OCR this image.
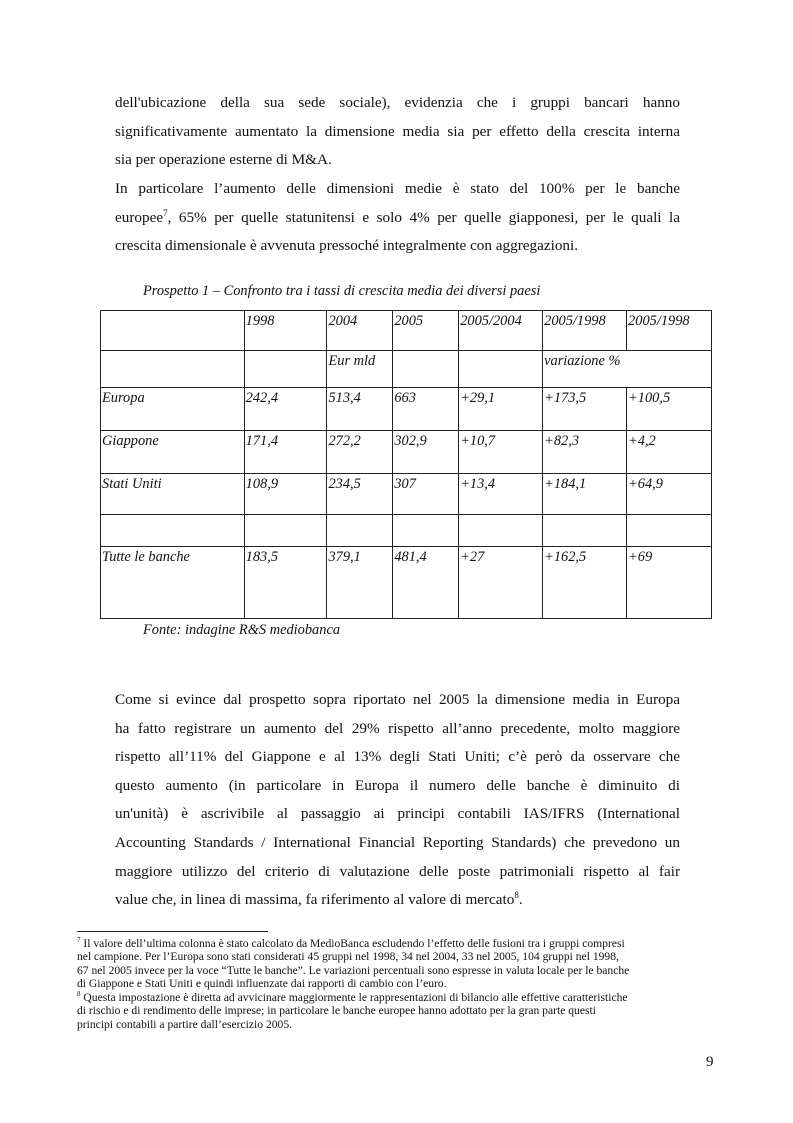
dell'ubicazione della sua sede sociale), evidenzia che i gruppi bancari hanno
significativamente aumentato la dimensione media sia per effetto della crescita interna
sia per operazione esterne di M&A.

In particolare l’aumento delle dimensioni medie è stato del 100% per le banche
europee$^7$, 65% per quelle statunitensi e solo 4% per quelle giapponesi, per le quali la
crescita dimensionale è avvenuta pressoché integralmente con aggregazioni.

Prospetto 1 – Confronto tra i tassi di crescita media dei diversi paesi

	1998	2004	2005	2005/2004	2005/1998	2005/1998
		Eur mld			variazione %	
Europa	242,4	513,4	663	+29,1	+173,5	+100,5
Giappone	171,4	272,2	302,9	+10,7	+82,3	+4,2
Stati Uniti	108,9	234,5	307	+13,4	+184,1	+64,9

Tutte le banche	183,5	379,1	481,4	+27	+162,5	+69

Fonte: indagine R&S mediobanca

Come si evince dal prospetto sopra riportato nel 2005 la dimensione media in Europa
ha fatto registrare un aumento del 29% rispetto all’anno precedente, molto maggiore
rispetto all’11% del Giappone e al 13% degli Stati Uniti; c’è però da osservare che
questo aumento (in particolare in Europa il numero delle banche è diminuito di
un'unità) è ascrivibile al passaggio ai principi contabili IAS/IFRS (International
Accounting Standards / International Financial Reporting Standards) che prevedono un
maggiore utilizzo del criterio di valutazione delle poste patrimoniali rispetto al fair
value che, in linea di massima, fa riferimento al valore di mercato$^8$.

$^7$ Il valore dell’ultima colonna è stato calcolato da MedioBanca escludendo l’effetto delle fusioni tra i gruppi compresi
nel campione. Per l’Europa sono stati considerati 45 gruppi nel 1998, 34 nel 2004, 33 nel 2005, 104 gruppi nel 1998,
67 nel 2005 invece per la voce “Tutte le banche”. Le variazioni percentuali sono espresse in valuta locale per le banche
di Giappone e Stati Uniti e quindi influenzate dai rapporti di cambio con l’euro.

$^8$ Questa impostazione è diretta ad avvicinare maggiormente le rappresentazioni di bilancio alle effettive caratteristiche
di rischio e di rendimento delle imprese; in particolare le banche europee hanno adottato per la gran parte questi
principi contabili a partire dall’esercizio 2005.

9
